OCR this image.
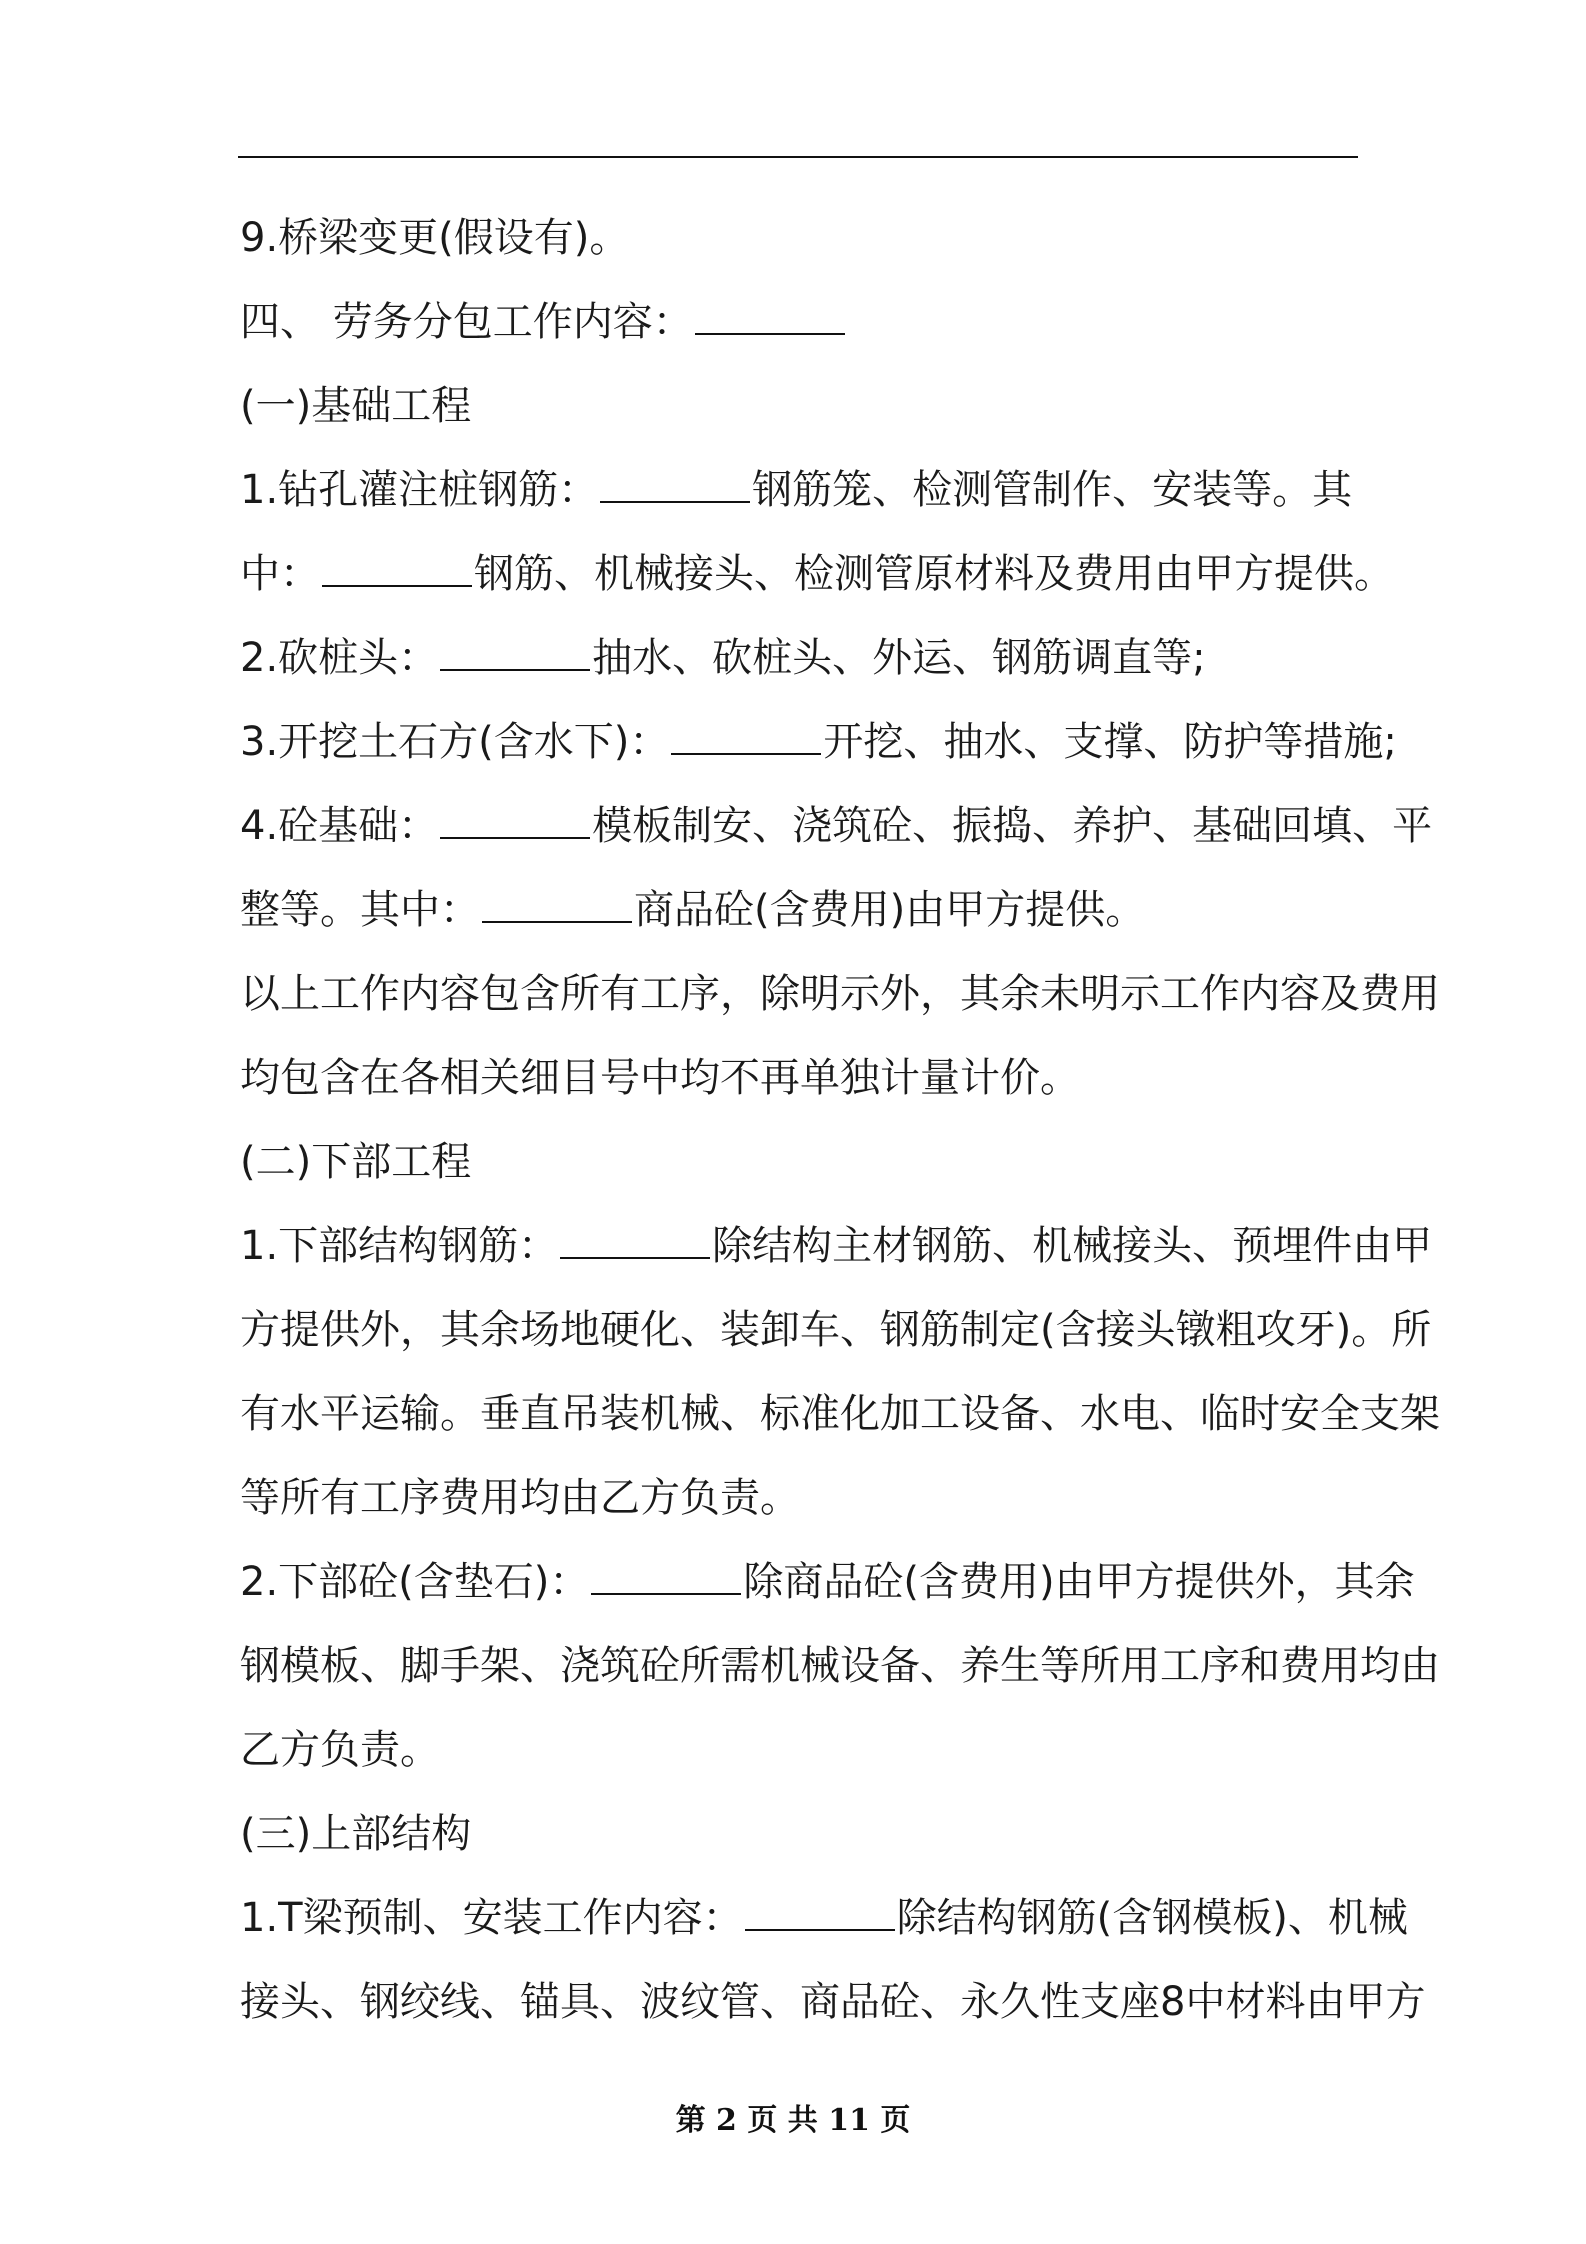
9.桥梁变更(假设有)。
四、 劳务分包工作内容：
(一)基础工程
1.钻孔灌注桩钢筋：	钢筋笼、检测管制作、安装等。其
中：	钢筋、机械接头、检测管原材料及费用由甲方提供。
2.砍桩头：	抽水、砍桩头、外运、钢筋调直等;
3.开挖土石方(含水下)：	开挖、抽水、支撑、防护等措施;
4.砼基础：	模板制安、浇筑砼、振捣、养护、基础回填、平
整等。其中：	商品砼(含费用)由甲方提供。
以上工作内容包含所有工序，除明示外，其余未明示工作内容及费用
均包含在各相关细目号中均不再单独计量计价。
(二)下部工程
1.下部结构钢筋：	除结构主材钢筋、机械接头、预埋件由甲
方提供外，其余场地硬化、装卸车、钢筋制定(含接头镦粗攻牙)。所
有水平运输。垂直吊装机械、标准化加工设备、水电、临时安全支架
等所有工序费用均由乙方负责。
2.下部砼(含垫石)：	除商品砼(含费用)由甲方提供外，其余
钢模板、脚手架、浇筑砼所需机械设备、养生等所用工序和费用均由
乙方负责。
(三)上部结构
1.T梁预制、安装工作内容：	除结构钢筋(含钢模板)、机械
接头、钢绞线、锚具、波纹管、商品砼、永久性支座8中材料由甲方
第 2 页 共 11 页
